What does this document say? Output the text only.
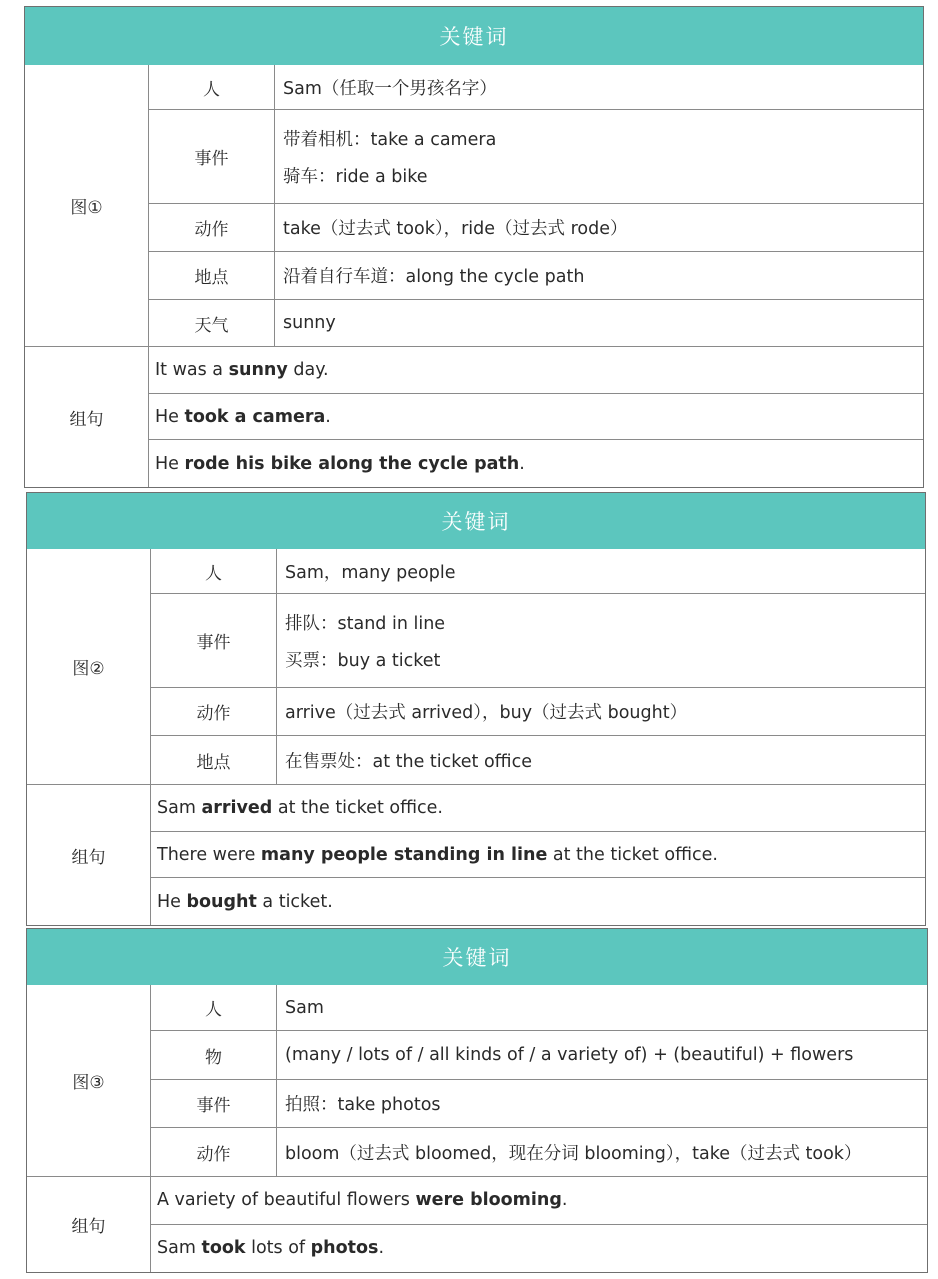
关键词
图①
人	Sam（任取一个男孩名字）
事件
带着相机：take a camera
骑车：ride a bike
动作	take（过去式 took），ride（过去式 rode）
地点	沿着自行车道：along the cycle path
天气	sunny
组句
It was a sunny day.
He took a camera.
He rode his bike along the cycle path.
关键词
图②
人	Sam，many people
事件
排队：stand in line
买票：buy a ticket
动作	arrive（过去式 arrived），buy（过去式 bought）
地点	在售票处：at the ticket office
组句
Sam arrived at the ticket office.
There were many people standing in line at the ticket office.
He bought a ticket.
关键词
图③
人	Sam
物	(many / lots of / all kinds of / a variety of) + (beautiful) + flowers
事件	拍照：take photos
动作	bloom（过去式 bloomed，现在分词 blooming），take（过去式 took）
组句
A variety of beautiful flowers were blooming.
Sam took lots of photos.
